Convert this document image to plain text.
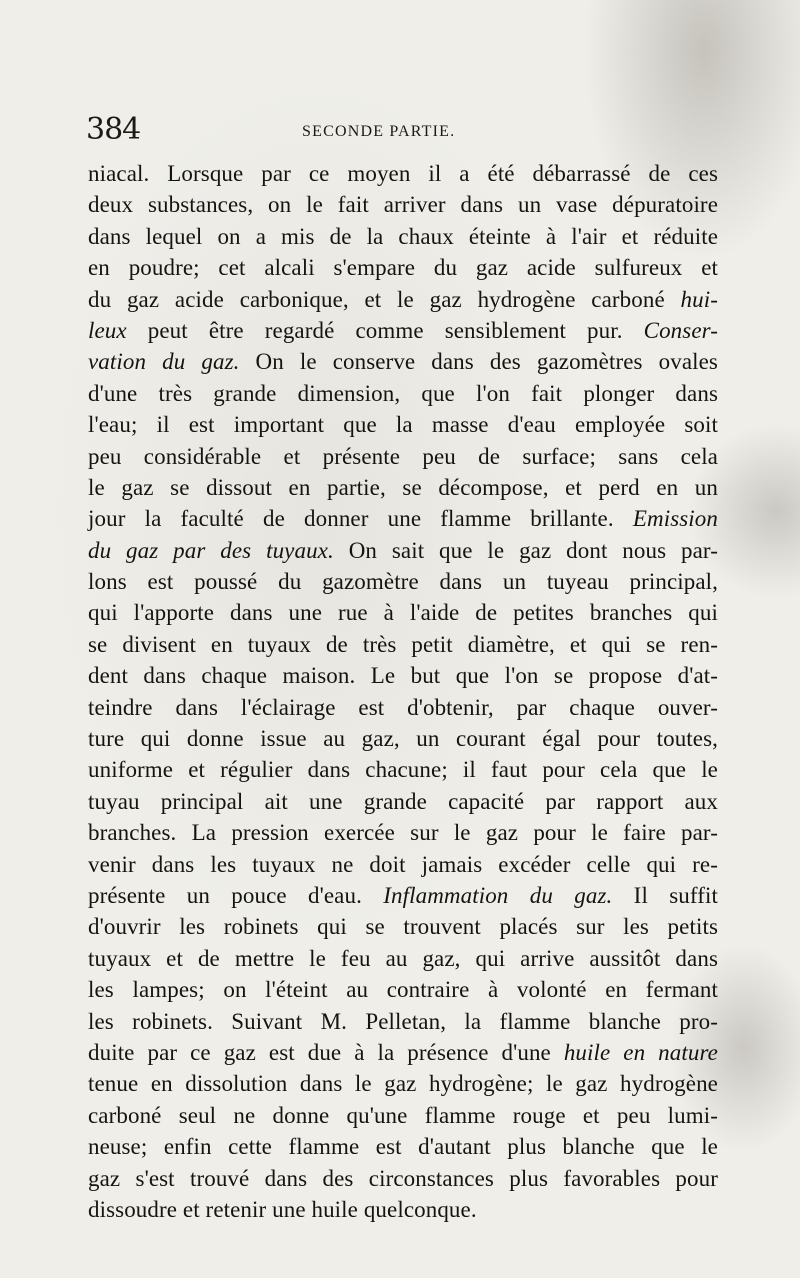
384	SECONDE PARTIE.
niacal. Lorsque par ce moyen il a été débarrassé de ces
deux substances, on le fait arriver dans un vase dépuratoire
dans lequel on a mis de la chaux éteinte à l'air et réduite
en poudre; cet alcali s'empare du gaz acide sulfureux et
du gaz acide carbonique, et le gaz hydrogène carboné hui-
leux peut être regardé comme sensiblement pur. Conser-
vation du gaz. On le conserve dans des gazomètres ovales
d'une très grande dimension, que l'on fait plonger dans
l'eau; il est important que la masse d'eau employée soit
peu considérable et présente peu de surface; sans cela
le gaz se dissout en partie, se décompose, et perd en un
jour la faculté de donner une flamme brillante. Emission
du gaz par des tuyaux. On sait que le gaz dont nous par-
lons est poussé du gazomètre dans un tuyeau principal,
qui l'apporte dans une rue à l'aide de petites branches qui
se divisent en tuyaux de très petit diamètre, et qui se ren-
dent dans chaque maison. Le but que l'on se propose d'at-
teindre dans l'éclairage est d'obtenir, par chaque ouver-
ture qui donne issue au gaz, un courant égal pour toutes,
uniforme et régulier dans chacune; il faut pour cela que le
tuyau principal ait une grande capacité par rapport aux
branches. La pression exercée sur le gaz pour le faire par-
venir dans les tuyaux ne doit jamais excéder celle qui re-
présente un pouce d'eau. Inflammation du gaz. Il suffit
d'ouvrir les robinets qui se trouvent placés sur les petits
tuyaux et de mettre le feu au gaz, qui arrive aussitôt dans
les lampes; on l'éteint au contraire à volonté en fermant
les robinets. Suivant M. Pelletan, la flamme blanche pro-
duite par ce gaz est due à la présence d'une huile en nature
tenue en dissolution dans le gaz hydrogène; le gaz hydrogène
carboné seul ne donne qu'une flamme rouge et peu lumi-
neuse; enfin cette flamme est d'autant plus blanche que le
gaz s'est trouvé dans des circonstances plus favorables pour
dissoudre et retenir une huile quelconque.
